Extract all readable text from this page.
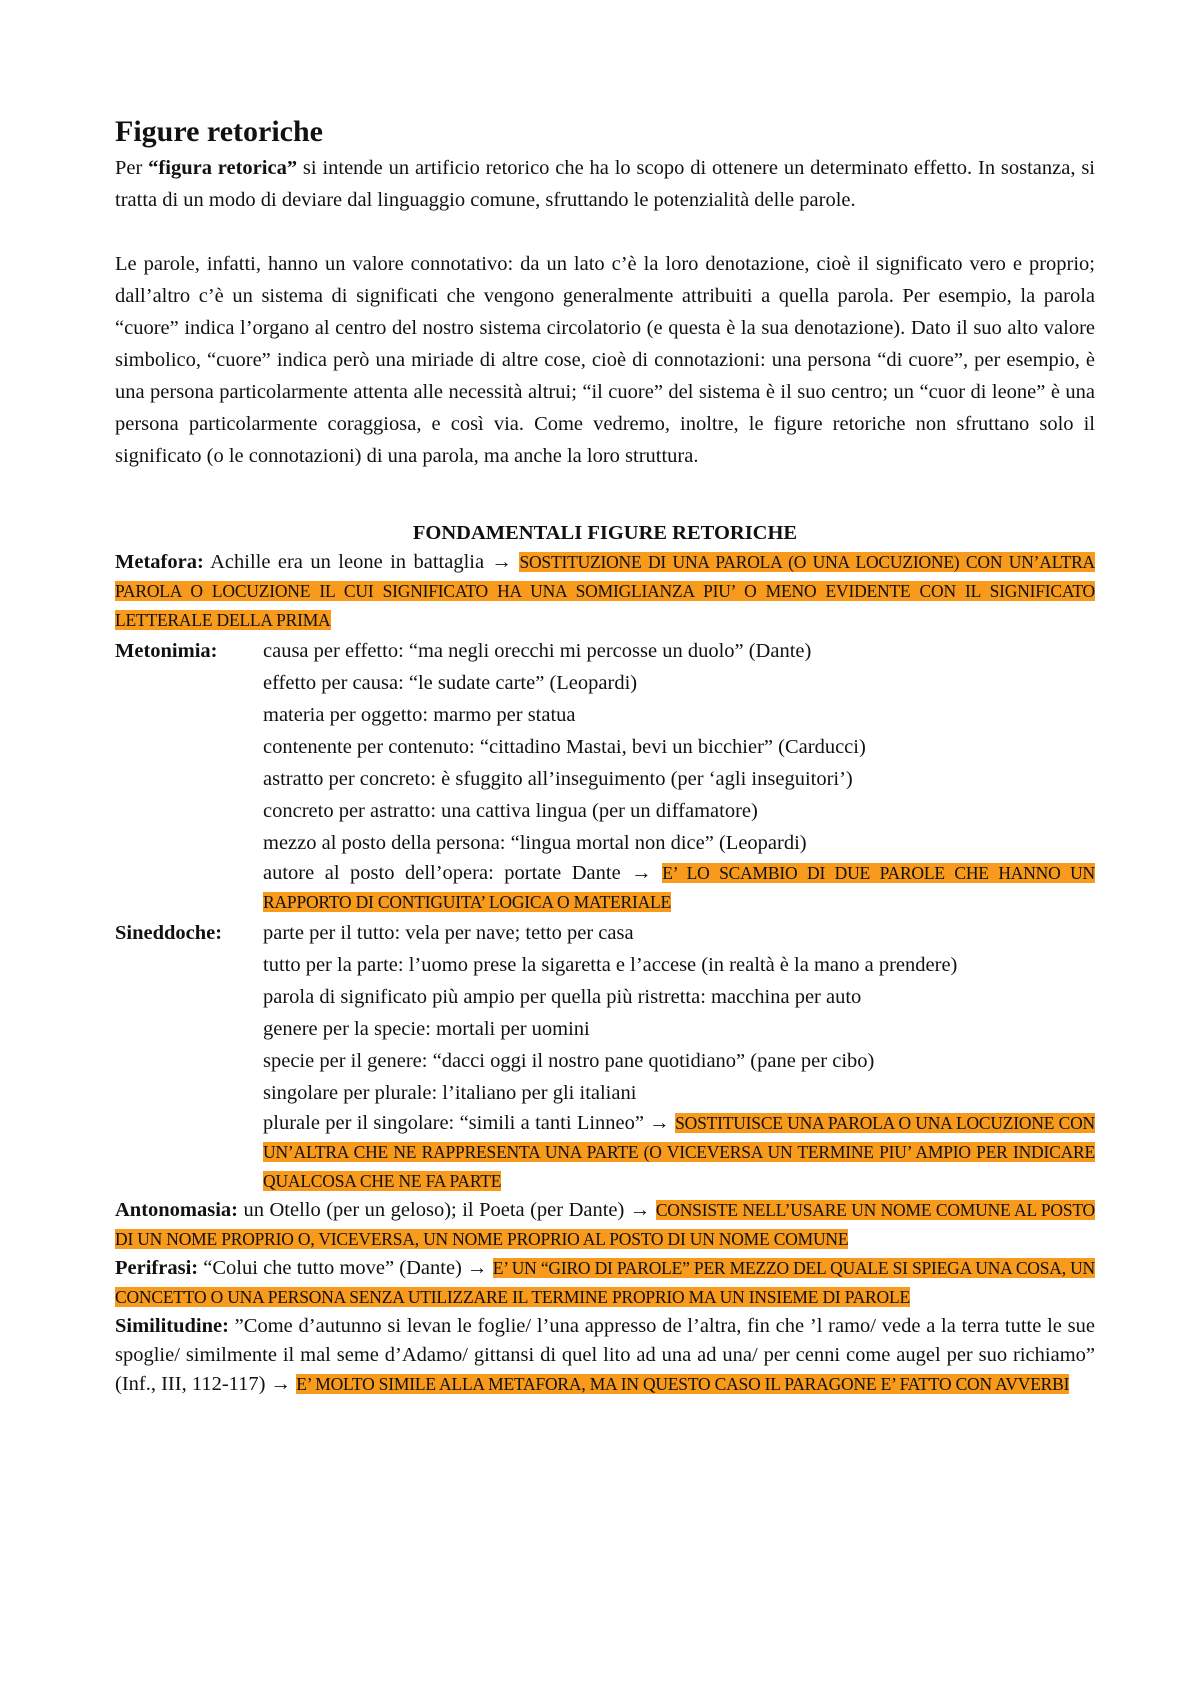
Figure retoriche

Per “figura retorica” si intende un artificio retorico che ha lo scopo di ottenere un determinato effetto. In sostanza, si tratta di un modo di deviare dal linguaggio comune, sfruttando le potenzialità delle parole.

Le parole, infatti, hanno un valore connotativo: da un lato c’è la loro denotazione, cioè il significato vero e proprio; dall’altro c’è un sistema di significati che vengono generalmente attribuiti a quella parola. Per esempio, la parola “cuore” indica l’organo al centro del nostro sistema circolatorio (e questa è la sua denotazione). Dato il suo alto valore simbolico, “cuore” indica però una miriade di altre cose, cioè di connotazioni: una persona “di cuore”, per esempio, è una persona particolarmente attenta alle necessità altrui; “il cuore” del sistema è il suo centro; un “cuor di leone” è una persona particolarmente coraggiosa, e così via. Come vedremo, inoltre, le figure retoriche non sfruttano solo il significato (o le connotazioni) di una parola, ma anche la loro struttura.

FONDAMENTALI FIGURE RETORICHE

Metafora: Achille era un leone in battaglia → SOSTITUZIONE DI UNA PAROLA (O UNA LOCUZIONE) CON UN’ALTRA PAROLA O LOCUZIONE IL CUI SIGNIFICATO HA UNA SOMIGLIANZA PIU’ O MENO EVIDENTE CON IL SIGNIFICATO LETTERALE DELLA PRIMA

Metonimia:	causa per effetto: “ma negli orecchi mi percosse un duolo” (Dante)
effetto per causa: “le sudate carte” (Leopardi)
materia per oggetto: marmo per statua
contenente per contenuto: “cittadino Mastai, bevi un bicchier” (Carducci)
astratto per concreto: è sfuggito all’inseguimento (per ‘agli inseguitori’)
concreto per astratto: una cattiva lingua (per un diffamatore)
mezzo al posto della persona: “lingua mortal non dice” (Leopardi)

autore al posto dell’opera: portate Dante → E’ LO SCAMBIO DI DUE PAROLE CHE HANNO UN RAPPORTO DI CONTIGUITA’ LOGICA O MATERIALE

Sineddoche:	parte per il tutto: vela per nave; tetto per casa
tutto per la parte: l’uomo prese la sigaretta e l’accese (in realtà è la mano a prendere)
parola di significato più ampio per quella più ristretta: macchina per auto
genere per la specie: mortali per uomini
specie per il genere: “dacci oggi il nostro pane quotidiano” (pane per cibo)
singolare per plurale: l’italiano per gli italiani

plurale per il singolare: “simili a tanti Linneo” → SOSTITUISCE UNA PAROLA O UNA LOCUZIONE CON UN’ALTRA CHE NE RAPPRESENTA UNA PARTE (O VICEVERSA UN TERMINE PIU’ AMPIO PER INDICARE QUALCOSA CHE NE FA PARTE

Antonomasia: un Otello (per un geloso); il Poeta (per Dante) → CONSISTE NELL’USARE UN NOME COMUNE AL POSTO DI UN NOME PROPRIO O, VICEVERSA, UN NOME PROPRIO AL POSTO DI UN NOME COMUNE

Perifrasi: “Colui che tutto move” (Dante) → E’ UN “GIRO DI PAROLE” PER MEZZO DEL QUALE SI SPIEGA UNA COSA, UN CONCETTO O UNA PERSONA SENZA UTILIZZARE IL TERMINE PROPRIO MA UN INSIEME DI PAROLE

Similitudine: ”Come d’autunno si levan le foglie/ l’una appresso de l’altra, fin che ’l ramo/ vede a la terra tutte le sue spoglie/ similmente il mal seme d’Adamo/ gittansi di quel lito ad una ad una/ per cenni come augel per suo richiamo” (Inf., III, 112-117) → E’ MOLTO SIMILE ALLA METAFORA, MA IN QUESTO CASO IL PARAGONE E’ FATTO CON AVVERBI
